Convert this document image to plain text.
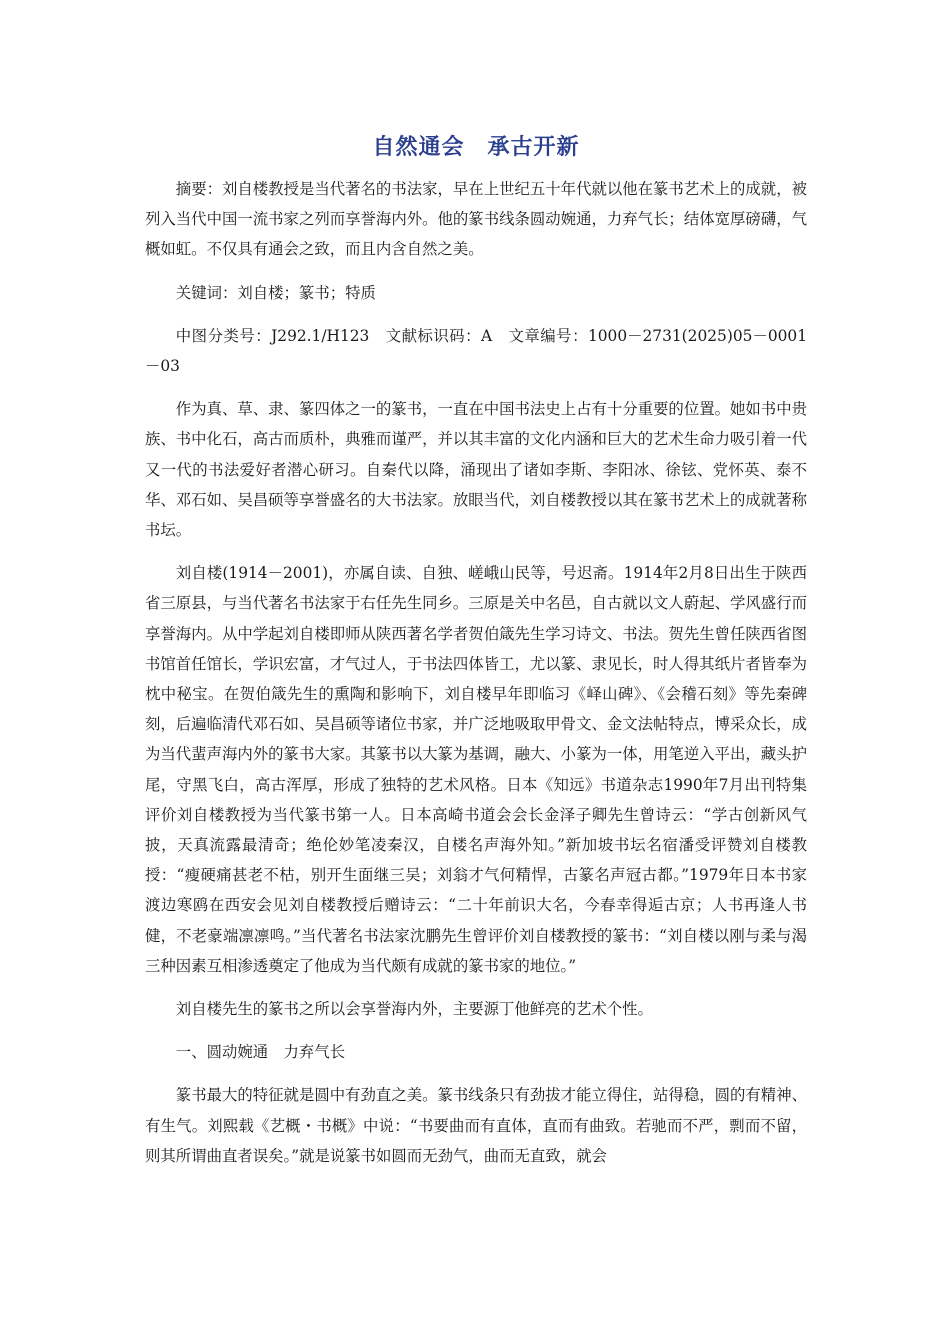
自然通会　承古开新

摘要：刘自楼教授是当代著名的书法家，早在上世纪五十年代就以他在篆书艺术上的成就，被列入当代中国一流书家之列而享誉海内外。他的篆书线条圆动婉通，力弃气长；结体宽厚磅礴，气概如虹。不仅具有通会之致，而且内含自然之美。

关键词：刘自楼；篆书；特质

中图分类号：J292.1/H123　文献标识码：A　文章编号：1000－2731(2025)05－0001－03

作为真、草、隶、篆四体之一的篆书，一直在中国书法史上占有十分重要的位置。她如书中贵族、书中化石，高古而质朴，典雅而谨严，并以其丰富的文化内涵和巨大的艺术生命力吸引着一代又一代的书法爱好者潜心研习。自秦代以降，涌现出了诸如李斯、李阳冰、徐铉、党怀英、泰不华、邓石如、吴昌硕等享誉盛名的大书法家。放眼当代，刘自楼教授以其在篆书艺术上的成就著称书坛。

刘自楼(1914－2001)，亦属自读、自独、嵯峨山民等，号迟斋。1914年2月8日出生于陕西省三原县，与当代著名书法家于右任先生同乡。三原是关中名邑，自古就以文人蔚起、学风盛行而享誉海内。从中学起刘自楼即师从陕西著名学者贺伯箴先生学习诗文、书法。贺先生曾任陕西省图书馆首任馆长，学识宏富，才气过人，于书法四体皆工，尤以篆、隶见长，时人得其纸片者皆奉为枕中秘宝。在贺伯箴先生的熏陶和影响下，刘自楼早年即临习《峄山碑》、《会稽石刻》等先秦碑刻，后遍临清代邓石如、吴昌硕等诸位书家，并广泛地吸取甲骨文、金文法帖特点，博采众长，成为当代蜚声海内外的篆书大家。其篆书以大篆为基调，融大、小篆为一体，用笔逆入平出，藏头护尾，守黑飞白，高古浑厚，形成了独特的艺术风格。日本《知远》书道杂志1990年7月出刊特集评价刘自楼教授为当代篆书第一人。日本高崎书道会会长金泽子卿先生曾诗云：“学古创新风气披，天真流露最清奇；绝伦妙笔凌秦汉，自楼名声海外知。”新加坡书坛名宿潘受评赞刘自楼教授：“瘦硬痛甚老不枯，别开生面继三吴；刘翁才气何精悍，古篆名声冠古都。”1979年日本书家渡边寒鸥在西安会见刘自楼教授后赠诗云：“二十年前识大名，今春幸得逅古京；人书再逢人书健，不老豪端凛凛鸣。”当代著名书法家沈鹏先生曾评价刘自楼教授的篆书：“刘自楼以刚与柔与渴三种因素互相渗透奠定了他成为当代颇有成就的篆书家的地位。”

刘自楼先生的篆书之所以会享誉海内外，主要源丁他鲜亮的艺术个性。

一、圆动婉通　力弃气长

篆书最大的特征就是圆中有劲直之美。篆书线条只有劲拔才能立得住，站得稳，圆的有精神、有生气。刘熙载《艺概・书概》中说：“书要曲而有直体，直而有曲致。若驰而不严，剽而不留，则其所谓曲直者误矣。”就是说篆书如圆而无劲气，曲而无直致，就会
